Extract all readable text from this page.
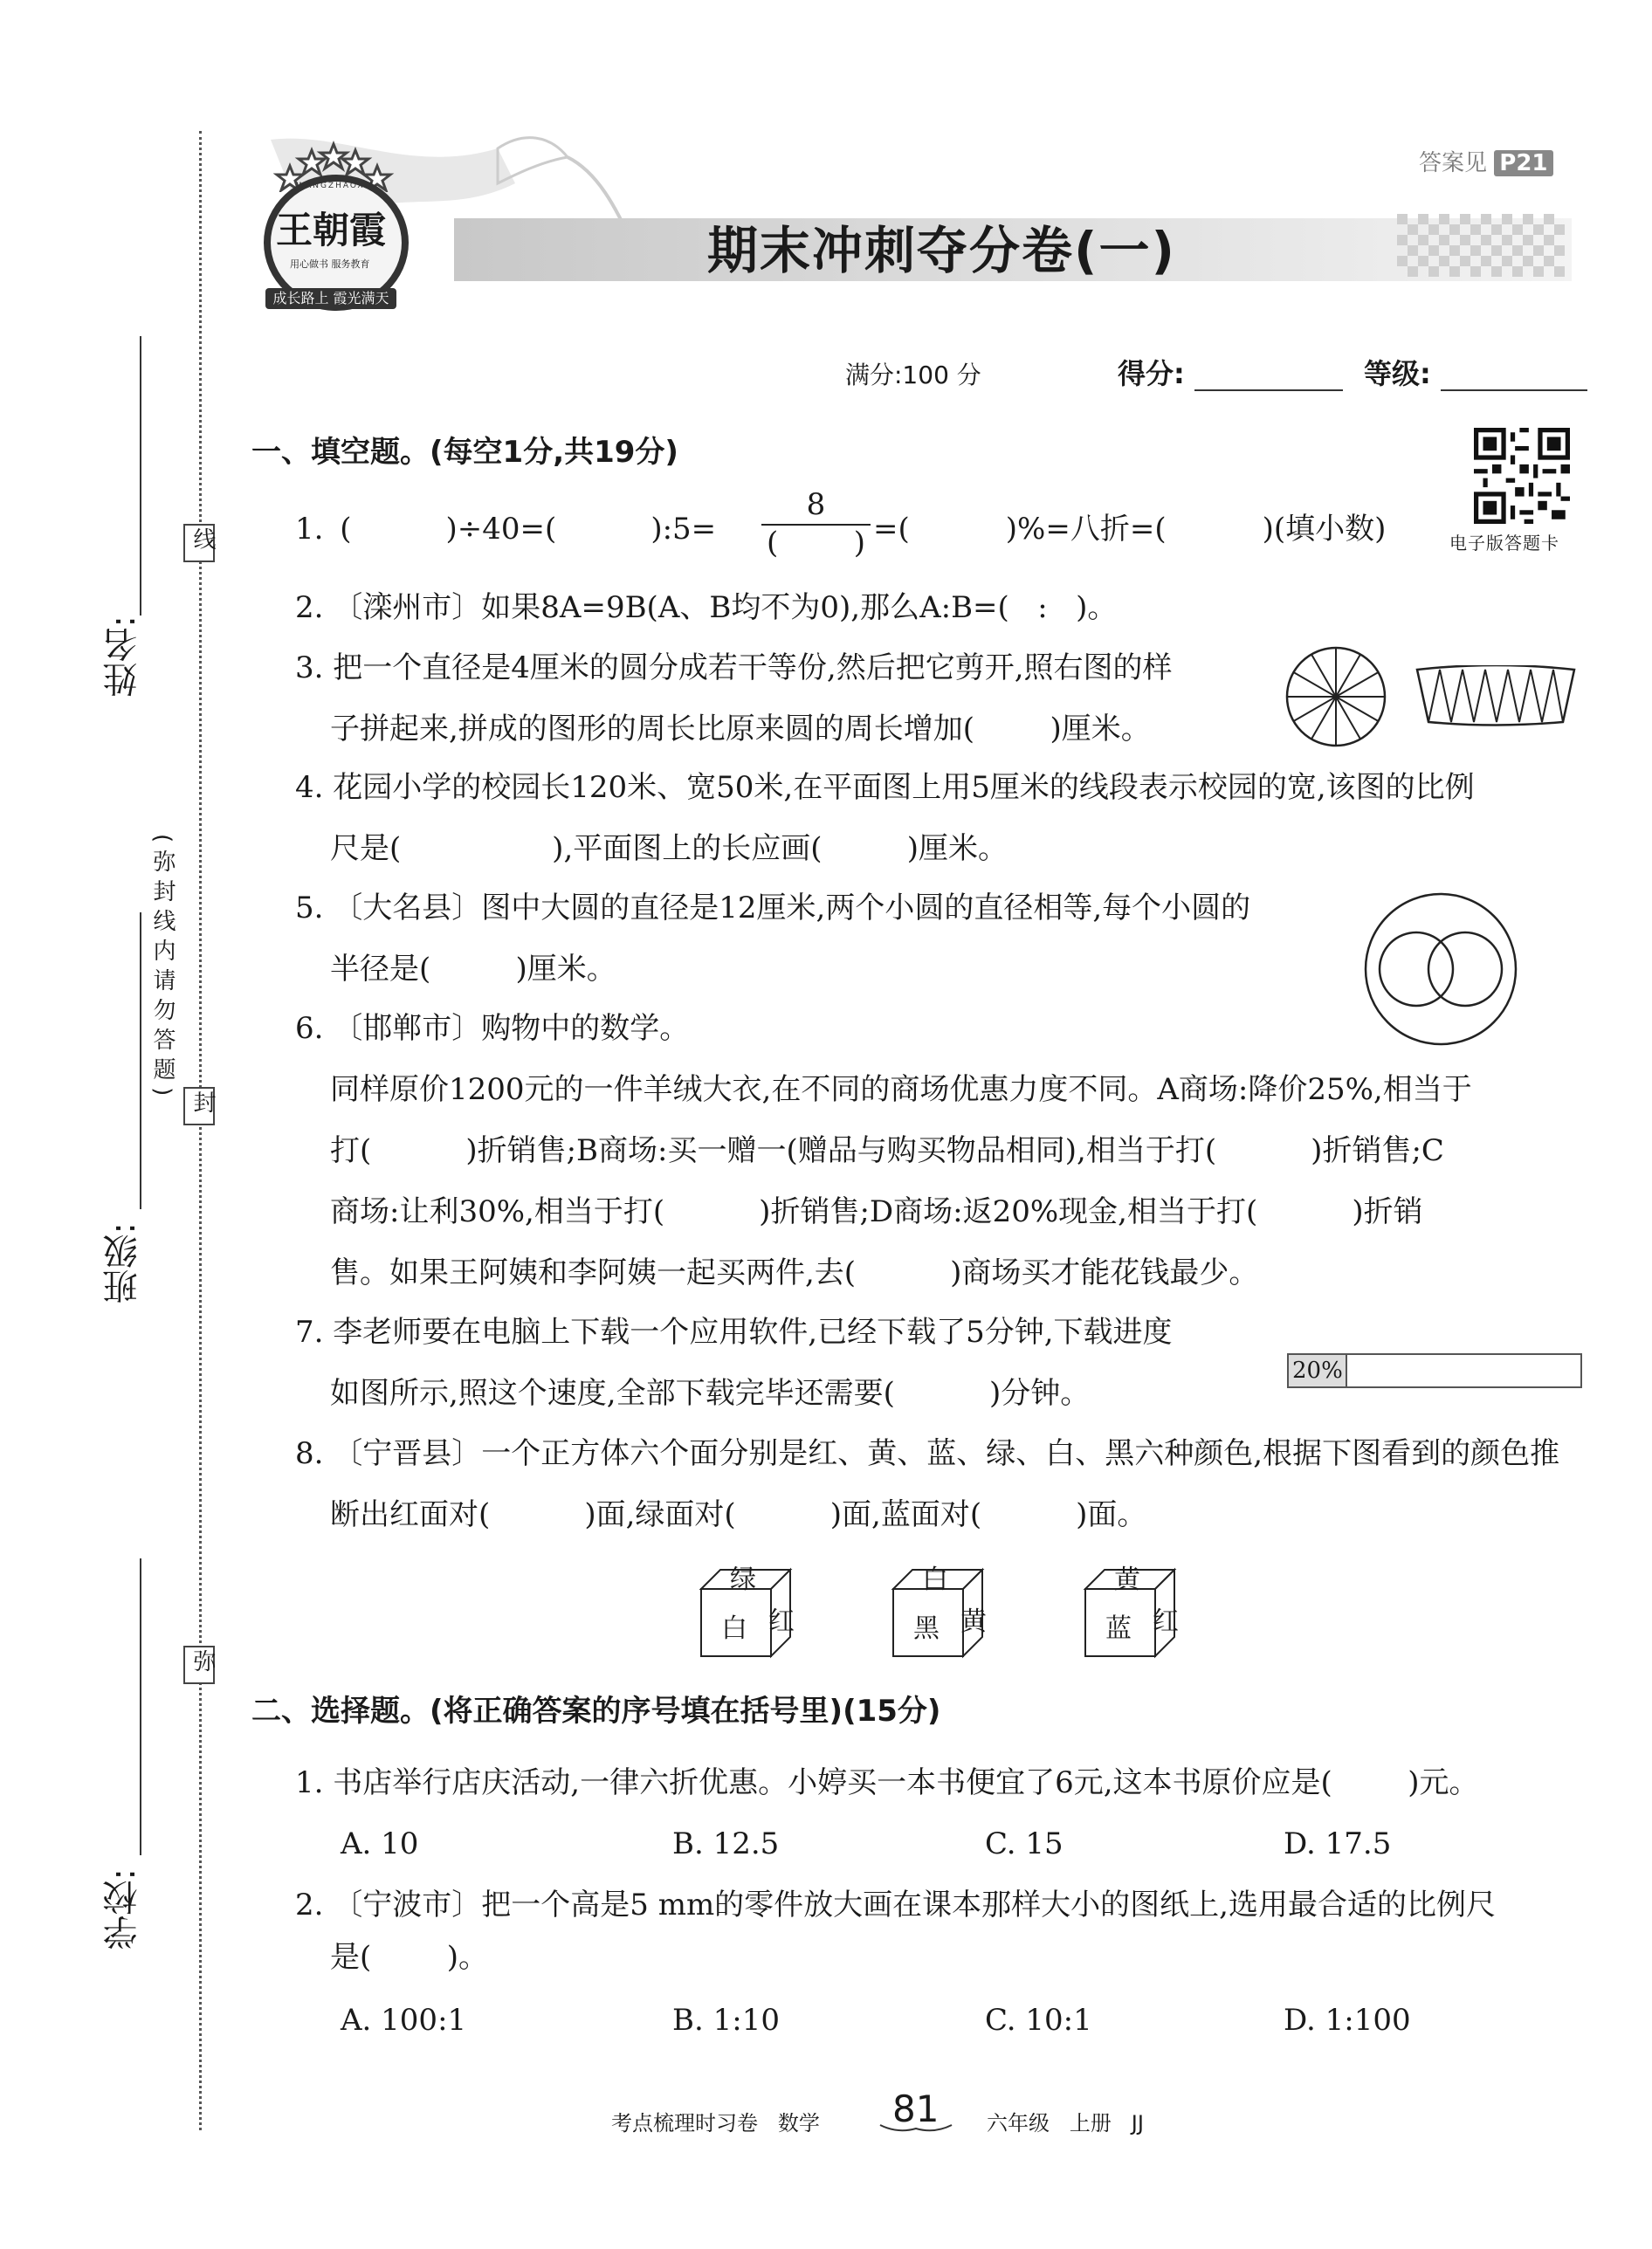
线
封
弥
(弥封线内请勿答题)
姓名:
班级:
学校:
期末冲刺夺分卷(一)
WANGZHAOXIA
王朝霞
用心做书 服务教育
成长路上 霞光满天
答案见 P21
满分:100 分	得分:	等级:
电子版答题卡
一、填空题。(每空1分,共19分)
1. (	)÷40=(	):5=
8
(        ) =(	)%=八折=(	)(填小数)
2. 〔滦州市〕如果8A=9B(A、B均不为0),那么A:B=(   :   )。
3. 把一个直径是4厘米的圆分成若干等份,然后把它剪开,照右图的样
子拼起来,拼成的图形的周长比原来圆的周长增加(        )厘米。
4. 花园小学的校园长120米、宽50米,在平面图上用5厘米的线段表示校园的宽,该图的比例
尺是(                ),平面图上的长应画(         )厘米。
5. 〔大名县〕图中大圆的直径是12厘米,两个小圆的直径相等,每个小圆的
半径是(         )厘米。
6. 〔邯郸市〕购物中的数学。
同样原价1200元的一件羊绒大衣,在不同的商场优惠力度不同。A商场:降价25%,相当于
打(          )折销售;B商场:买一赠一(赠品与购买物品相同),相当于打(          )折销售;C
商场:让利30%,相当于打(          )折销售;D商场:返20%现金,相当于打(          )折销
售。如果王阿姨和李阿姨一起买两件,去(          )商场买才能花钱最少。
7. 李老师要在电脑上下载一个应用软件,已经下载了5分钟,下载进度
如图所示,照这个速度,全部下载完毕还需要(          )分钟。
20%
8. 〔宁晋县〕一个正方体六个面分别是红、黄、蓝、绿、白、黑六种颜色,根据下图看到的颜色推
断出红面对(          )面,绿面对(          )面,蓝面对(          )面。
绿
白 红
白
黑 黄
黄
蓝 红
二、选择题。(将正确答案的序号填在括号里)(15分)
1. 书店举行店庆活动,一律六折优惠。小婷买一本书便宜了6元,这本书原价应是(        )元。
A. 10	B. 12.5	C. 15	D. 17.5
2. 〔宁波市〕把一个高是5 mm的零件放大画在课本那样大小的图纸上,选用最合适的比例尺
是(        )。
A. 100:1	B. 1:10	C. 10:1	D. 1:100
考点梳理时习卷   数学 81 六年级   上册   JJ
